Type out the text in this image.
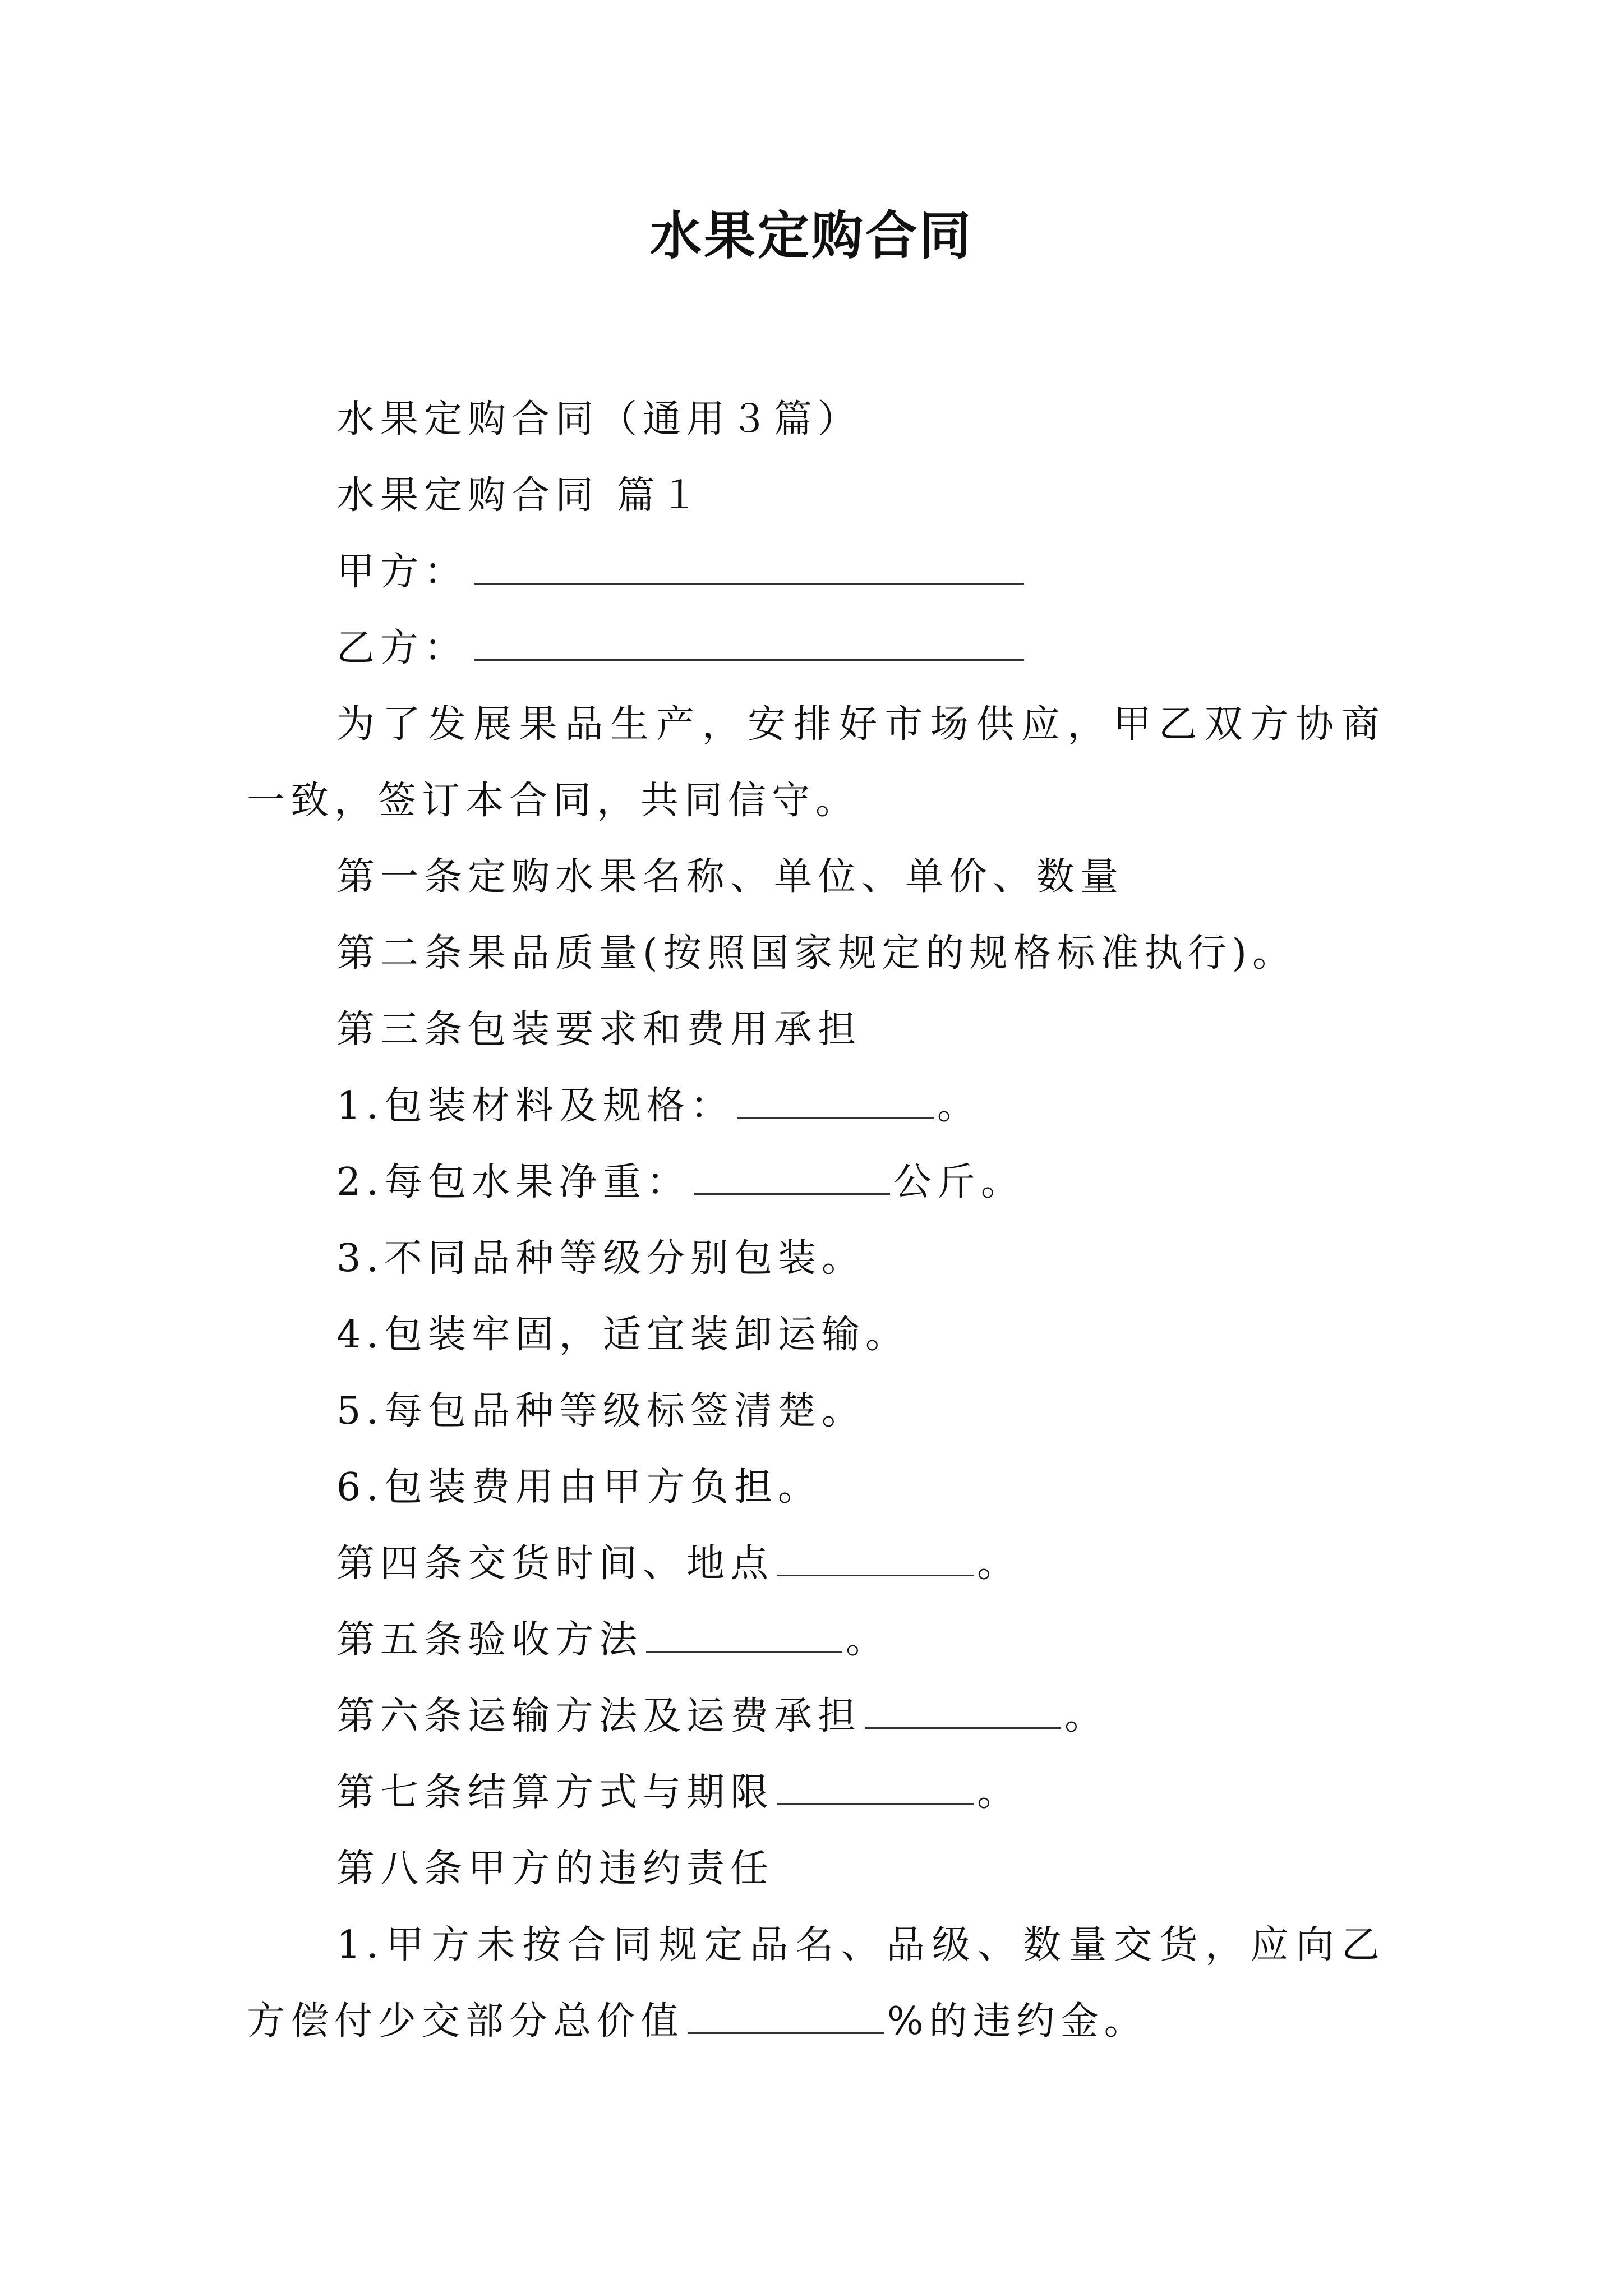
水果定购合同

水果定购合同（通用３篇）

水果定购合同 篇１

甲方：

乙方：

为了发展果品生产，安排好市场供应，甲乙双方协商一致，签订本合同，共同信守。

第一条定购水果名称、单位、单价、数量

第二条果品质量(按照国家规定的规格标准执行)。

第三条包装要求和费用承担

1.包装材料及规格：	。

2.每包水果净重：	公斤。

3.不同品种等级分别包装。

4.包装牢固，适宜装卸运输。

5.每包品种等级标签清楚。

6.包装费用由甲方负担。

第四条交货时间、地点	。

第五条验收方法	。

第六条运输方法及运费承担	。

第七条结算方式与期限	。

第八条甲方的违约责任

1.甲方未按合同规定品名、品级、数量交货，应向乙方偿付少交部分总价值	%的违约金。
